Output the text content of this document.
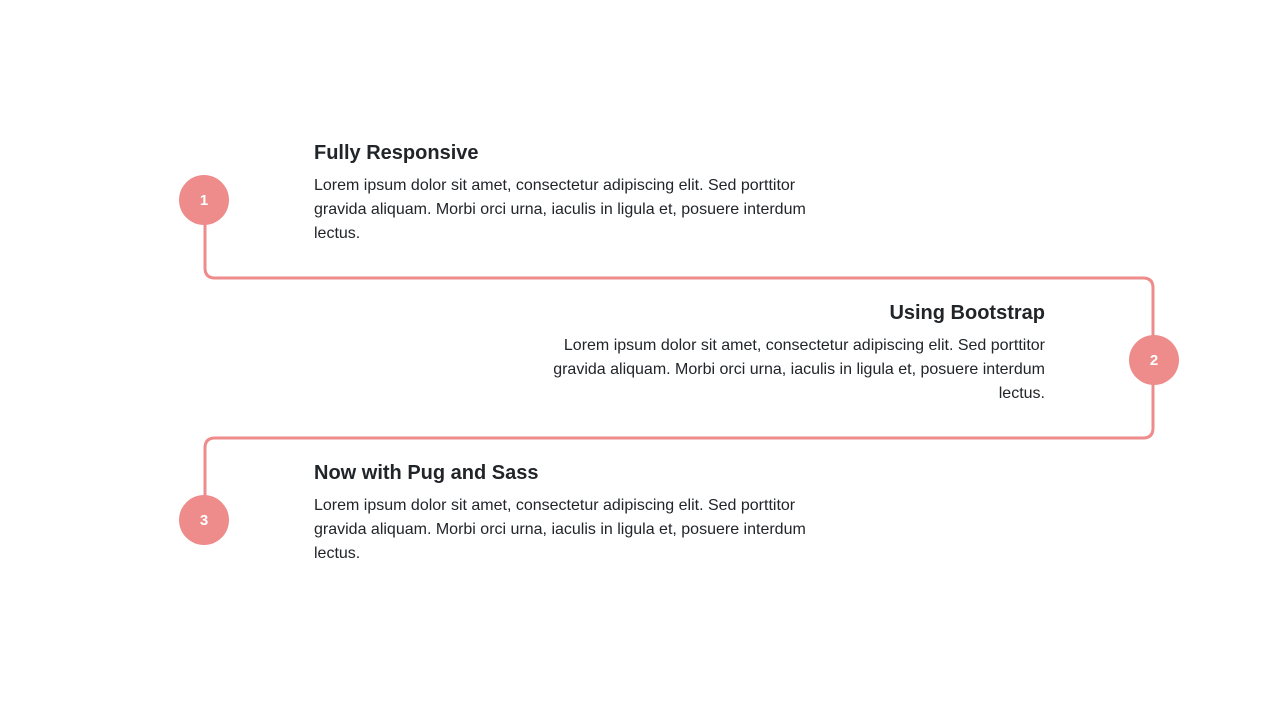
1
Fully Responsive

Lorem ipsum dolor sit amet, consectetur adipiscing elit. Sed porttitor gravida aliquam. Morbi orci urna, iaculis in ligula et, posuere interdum lectus.

2
Using Bootstrap

Lorem ipsum dolor sit amet, consectetur adipiscing elit. Sed porttitor gravida aliquam. Morbi orci urna, iaculis in ligula et, posuere interdum lectus.

3
Now with Pug and Sass

Lorem ipsum dolor sit amet, consectetur adipiscing elit. Sed porttitor gravida aliquam. Morbi orci urna, iaculis in ligula et, posuere interdum lectus.
